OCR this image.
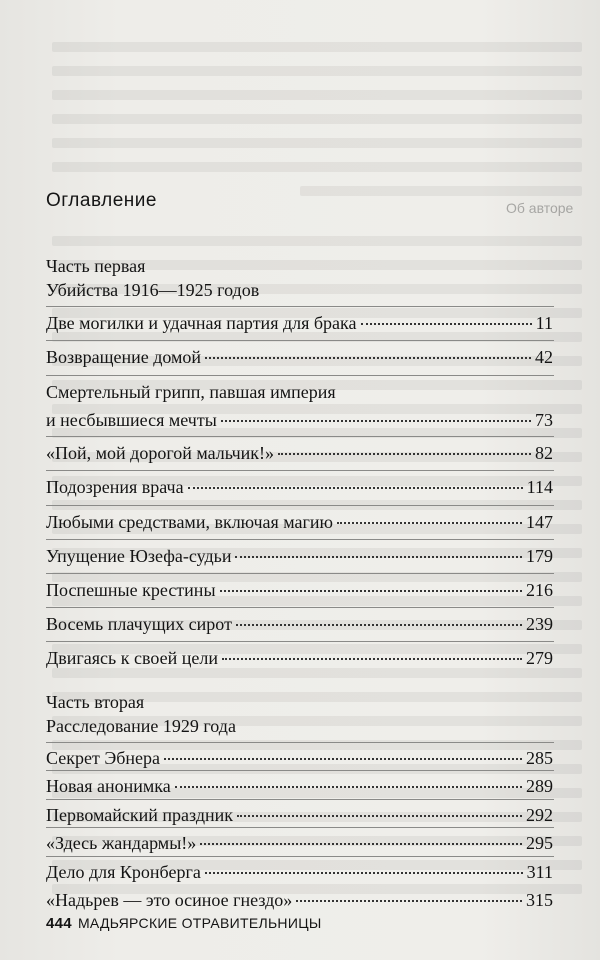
Оглавление	Об авторе
Часть первая
Убийства 1916—1925 годов
Две могилки и удачная партия для брака	11
Возвращение домой	42
Смертельный грипп, павшая империя
и несбывшиеся мечты	73
«Пой, мой дорогой мальчик!»	82
Подозрения врача	114
Любыми средствами, включая магию	147
Упущение Юзефа-судьи	179
Поспешные крестины	216
Восемь плачущих сирот	239
Двигаясь к своей цели	279
Часть вторая
Расследование 1929 года
Секрет Эбнера	285
Новая анонимка	289
Первомайский праздник	292
«Здесь жандармы!»	295
Дело для Кронберга	311
444 МАДЬЯРСКИЕ ОТРАВИТЕЛЬНИЦЫ
«Надьрев — это осиное гнездо»	315
